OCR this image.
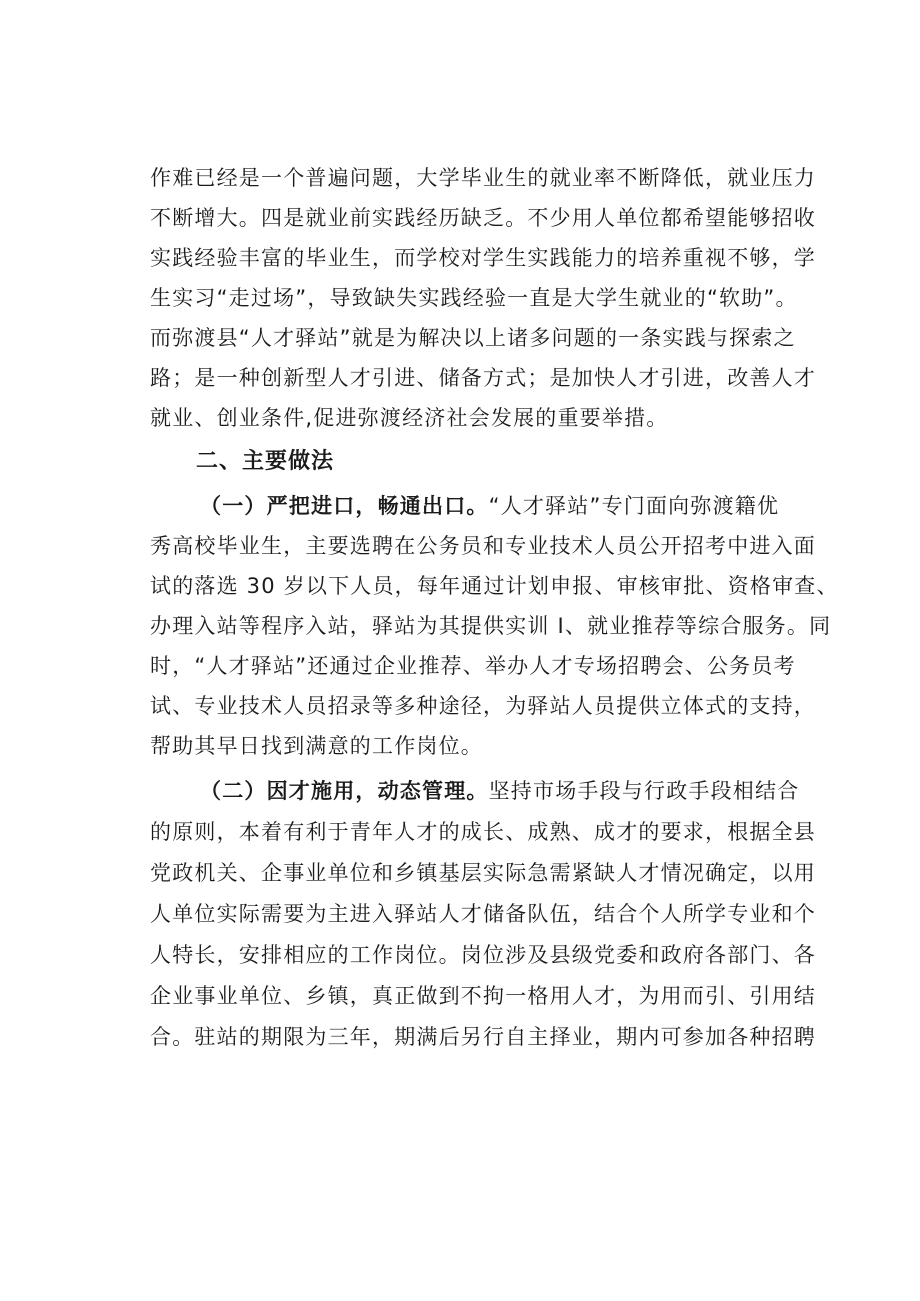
作难已经是一个普遍问题，大学毕业生的就业率不断降低，就业压力
不断增大。四是就业前实践经历缺乏。不少用人单位都希望能够招收
实践经验丰富的毕业生，而学校对学生实践能力的培养重视不够，学
生实习“走过场”，导致缺失实践经验一直是大学生就业的“软助”。
而弥渡县“人才驿站”就是为解决以上诸多问题的一条实践与探索之
路；是一种创新型人才引进、储备方式；是加快人才引进，改善人才
就业、创业条件,促进弥渡经济社会发展的重要举措。
二、主要做法
（一）严把进口，畅通出口。“人才驿站”专门面向弥渡籍优
秀高校毕业生，主要选聘在公务员和专业技术人员公开招考中进入面
试的落选 30 岁以下人员，每年通过计划申报、审核审批、资格审查、
办理入站等程序入站，驿站为其提供实训 I、就业推荐等综合服务。同
时，“人才驿站”还通过企业推荐、举办人才专场招聘会、公务员考
试、专业技术人员招录等多种途径，为驿站人员提供立体式的支持，
帮助其早日找到满意的工作岗位。
（二）因才施用，动态管理。坚持市场手段与行政手段相结合
的原则，本着有利于青年人才的成长、成熟、成才的要求，根据全县
党政机关、企事业单位和乡镇基层实际急需紧缺人才情况确定，以用
人单位实际需要为主进入驿站人才储备队伍，结合个人所学专业和个
人特长，安排相应的工作岗位。岗位涉及县级党委和政府各部门、各
企业事业单位、乡镇，真正做到不拘一格用人才，为用而引、引用结
合。驻站的期限为三年，期满后另行自主择业，期内可参加各种招聘
